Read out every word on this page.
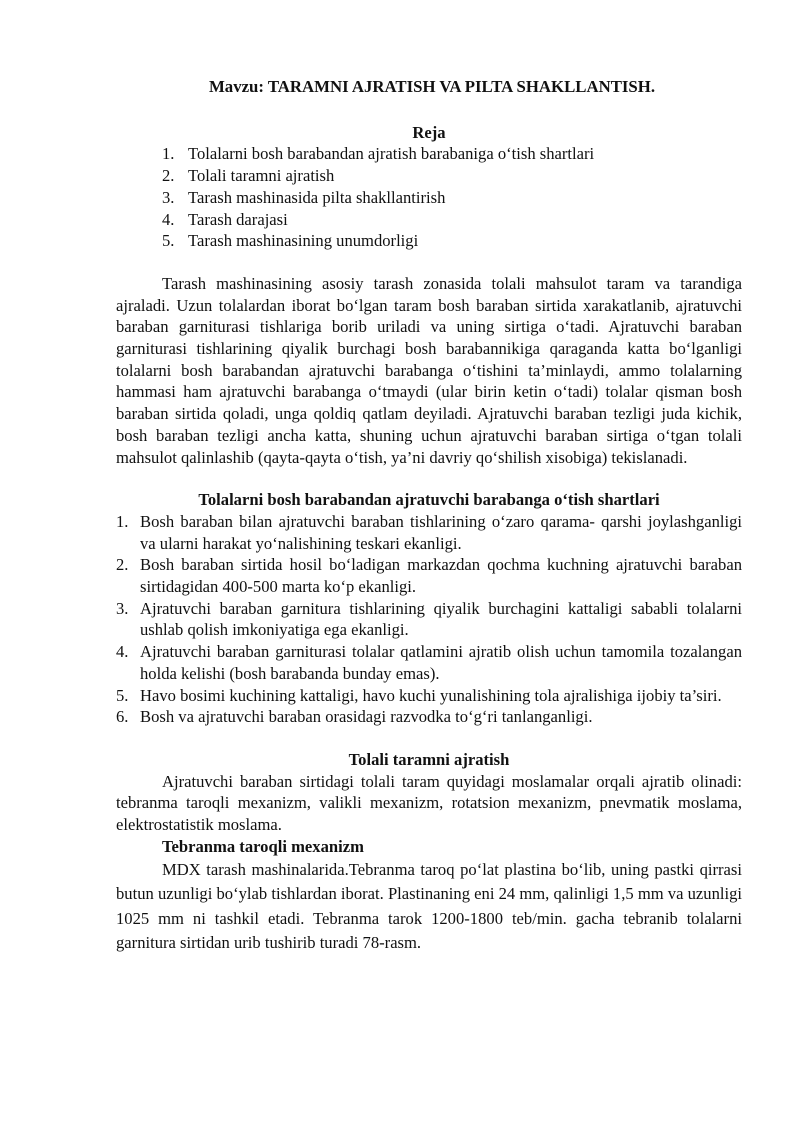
Mavzu: TARAMNI AJRATISH VA PILTA SHAKLLANTISH.

Reja

1. Tolalarni bosh barabandan ajratish barabaniga o‘tish shartlari
2. Tolali taramni ajratish
3. Tarash mashinasida pilta shakllantirish
4. Tarash darajasi
5. Tarash mashinasining unumdorligi

Tarash mashinasining asosiy tarash zonasida tolali mahsulot taram va tarandiga ajraladi. Uzun tolalardan iborat bo‘lgan taram bosh baraban sirtida xarakatlanib, ajratuvchi baraban garniturasi tishlariga borib uriladi va uning sirtiga o‘tadi. Ajratuvchi baraban garniturasi tishlarining qiyalik burchagi bosh barabannikiga qaraganda katta bo‘lganligi tolalarni bosh barabandan ajratuvchi barabanga o‘tishini ta’minlaydi, ammo tolalarning hammasi ham ajratuvchi barabanga o‘tmaydi (ular birin ketin o‘tadi) tolalar qisman bosh baraban sirtida qoladi, unga qoldiq qatlam deyiladi. Ajratuvchi baraban tezligi juda kichik, bosh baraban tezligi ancha katta, shuning uchun ajratuvchi baraban sirtiga o‘tgan tolali mahsulot qalinlashib (qayta-qayta o‘tish, ya’ni davriy qo‘shilish xisobiga) tekislanadi.

Tolalarni bosh barabandan ajratuvchi barabanga o‘tish shartlari

1. Bosh baraban bilan ajratuvchi baraban tishlarining o‘zaro qarama- qarshi joylashganligi va ularni harakat yo‘nalishining teskari ekanligi.
2. Bosh baraban sirtida hosil bo‘ladigan markazdan qochma kuchning ajratuvchi baraban sirtidagidan 400-500 marta ko‘p ekanligi.
3. Ajratuvchi baraban garnitura tishlarining qiyalik burchagini kattaligi sababli tolalarni ushlab qolish imkoniyatiga ega ekanligi.
4. Ajratuvchi baraban garniturasi tolalar qatlamini ajratib olish uchun tamomila tozalangan holda kelishi (bosh barabanda bunday emas).
5. Havo bosimi kuchining kattaligi, havo kuchi yunalishining tola ajralishiga ijobiy ta’siri.
6. Bosh va ajratuvchi baraban orasidagi razvodka to‘g‘ri tanlanganligi.

Tolali taramni ajratish

Ajratuvchi baraban sirtidagi tolali taram quyidagi moslamalar orqali ajratib olinadi: tebranma taroqli mexanizm, valikli mexanizm, rotatsion mexanizm, pnevmatik moslama, elektrostatistik moslama.

Tebranma taroqli mexanizm

MDX tarash mashinalarida.Tebranma taroq po‘lat plastina bo‘lib, uning pastki qirrasi butun uzunligi bo‘ylab tishlardan iborat. Plastinaning eni 24 mm, qalinligi 1,5 mm va uzunligi 1025 mm ni tashkil etadi. Tebranma tarok 1200-1800 teb/min. gacha tebranib tolalarni garnitura sirtidan urib tushirib turadi 78-rasm.
